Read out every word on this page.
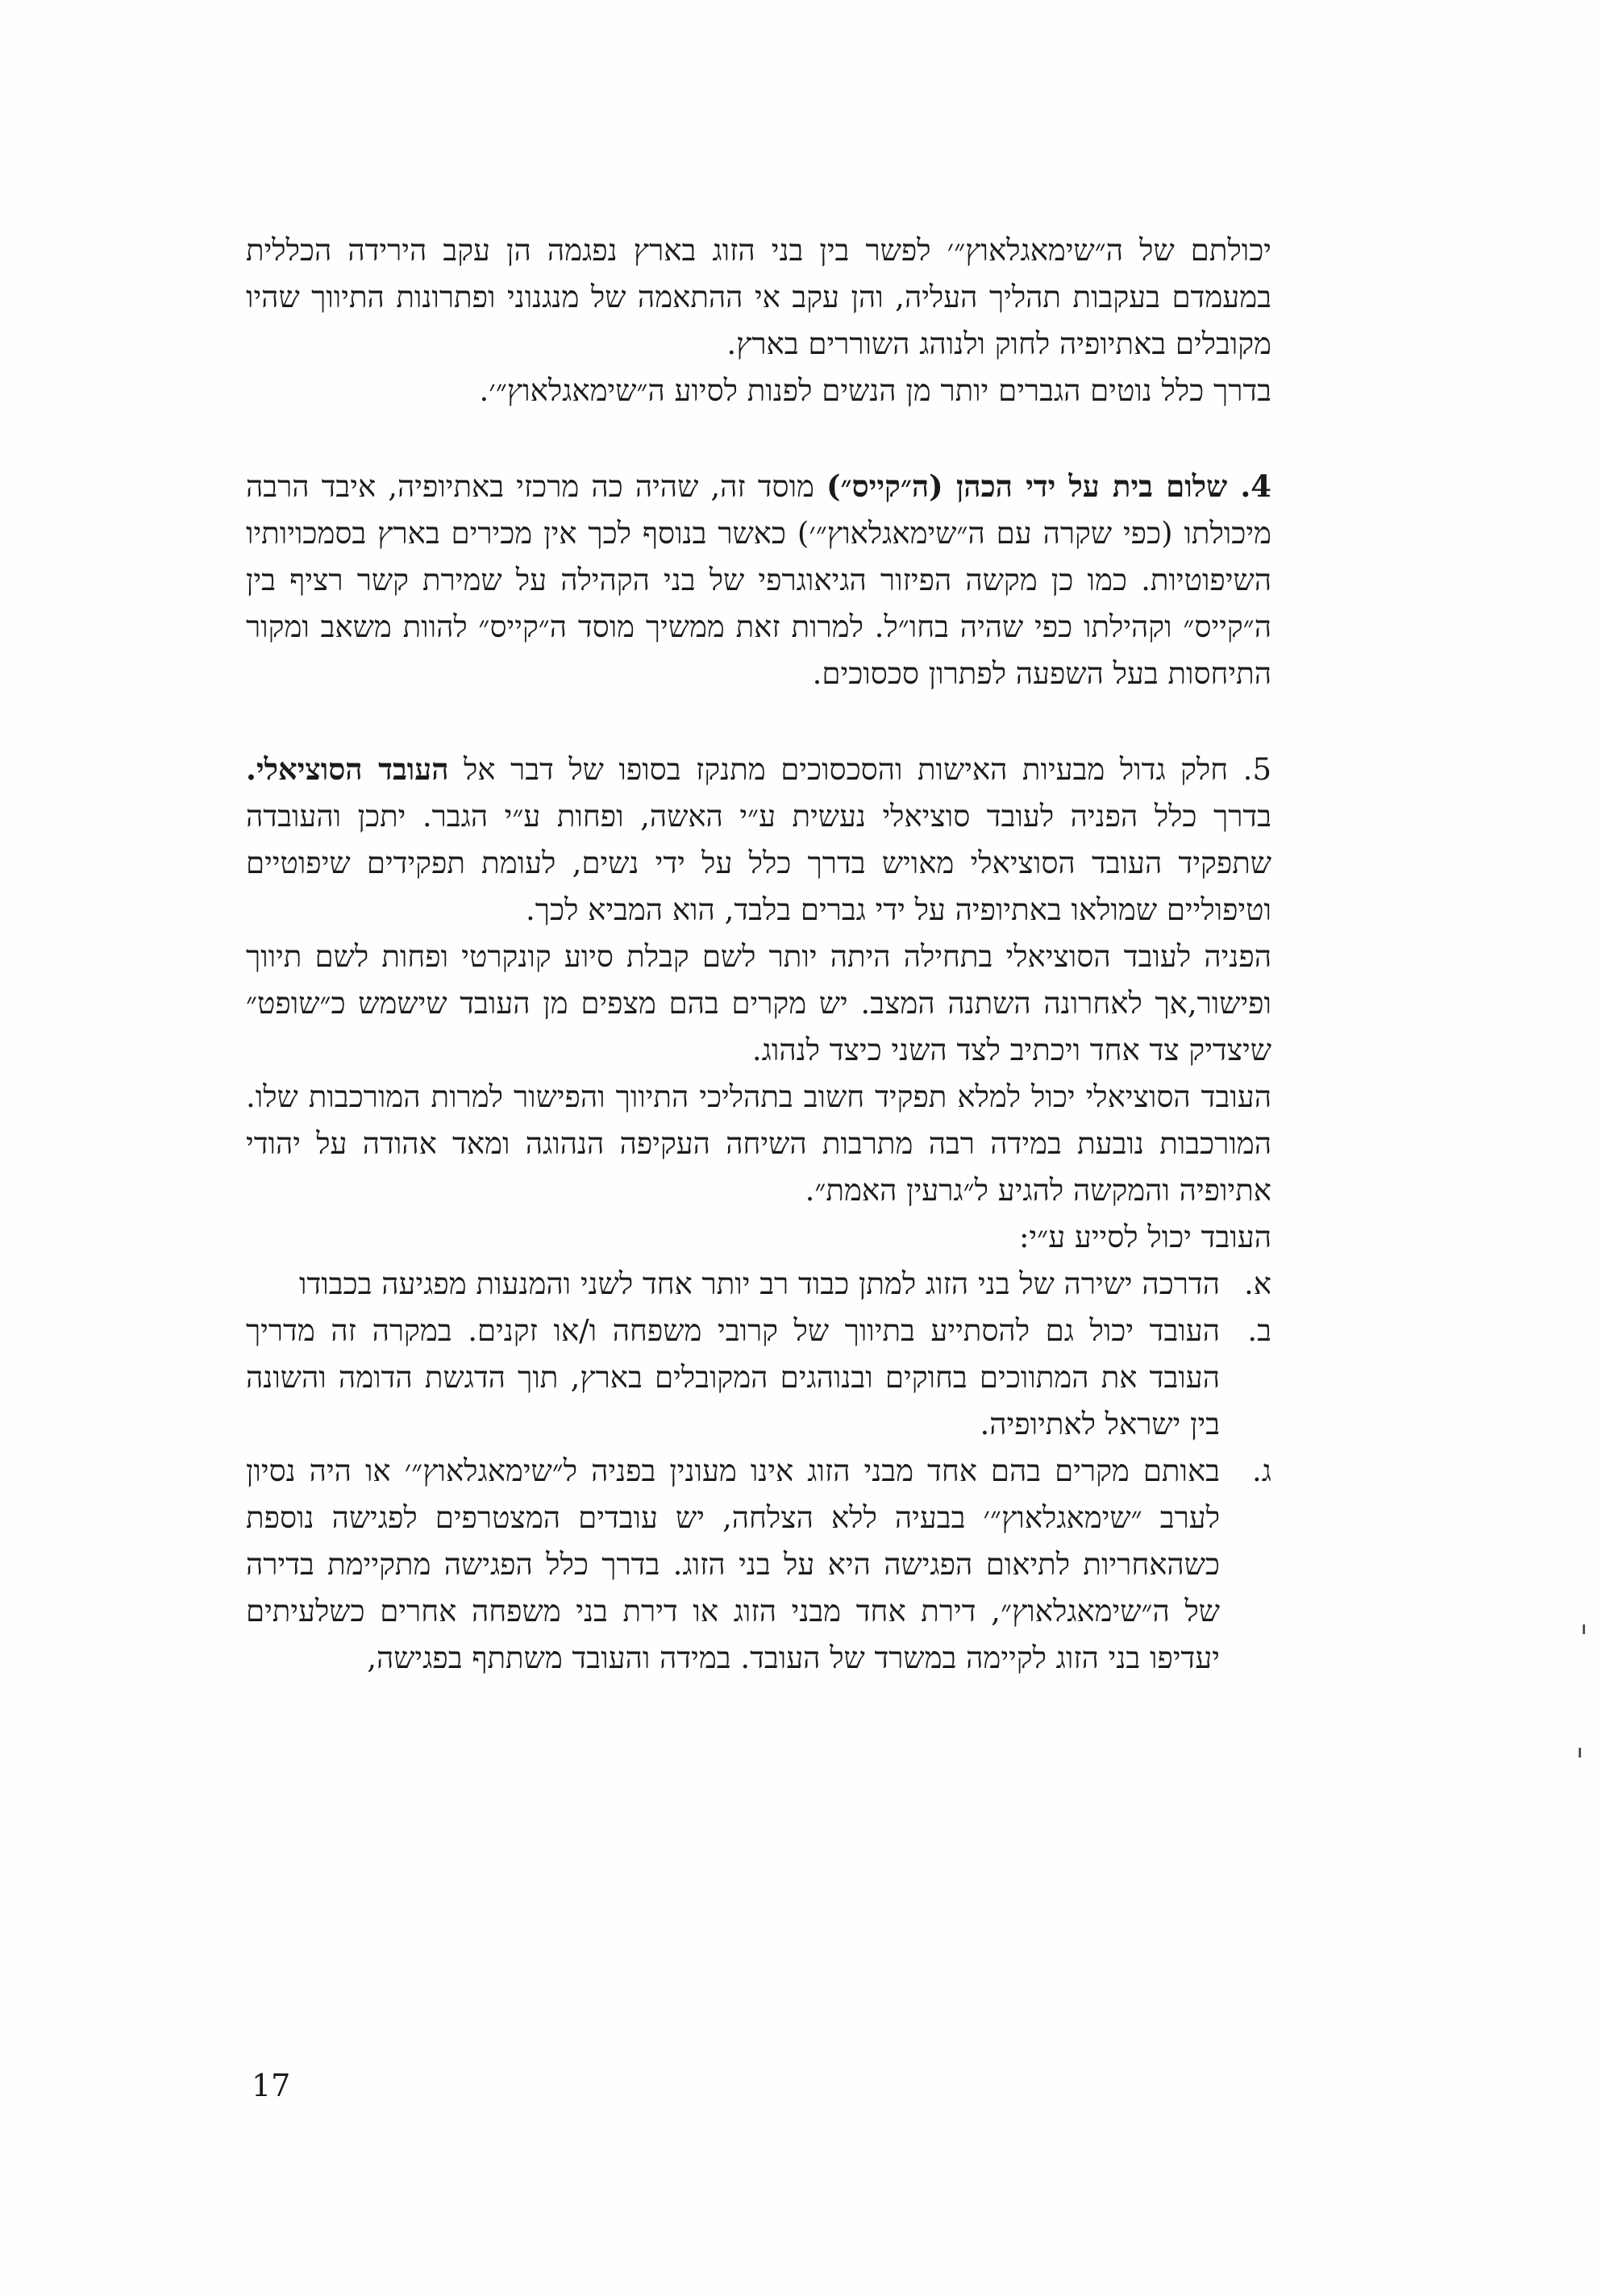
יכולתם של ה״שימאגלאוץ״׳ לפשר בין בני הזוג בארץ נפגמה הן עקב הירידה הכללית במעמדם בעקבות תהליך העליה, והן עקב אי ההתאמה של מנגנוני ופתרונות התיווך שהיו מקובלים באתיופיה לחוק ולנוהג השוררים בארץ.

בדרך כלל נוטים הגברים יותר מן הנשים לפנות לסיוע ה״שימאגלאוץ״׳.

4. שלום בית על ידי הכהן (ה״קייס״) מוסד זה, שהיה כה מרכזי באתיופיה, איבד הרבה מיכולתו (כפי שקרה עם ה״שימאגלאוץ״׳) כאשר בנוסף לכך אין מכירים בארץ בסמכויותיו השיפוטיות. כמו כן מקשה הפיזור הגיאוגרפי של בני הקהילה על שמירת קשר רציף בין ה״קייס״ וקהילתו כפי שהיה בחו״ל. למרות זאת ממשיך מוסד ה״קייס״ להוות משאב ומקור התיחסות בעל השפעה לפתרון סכסוכים.

5. חלק גדול מבעיות האישות והסכסוכים מתנקז בסופו של דבר אל העובד הסוציאלי. בדרך כלל הפניה לעובד סוציאלי נעשית ע״י האשה, ופחות ע״י הגבר. יתכן והעובדה שתפקיד העובד הסוציאלי מאויש בדרך כלל על ידי נשים, לעומת תפקידים שיפוטיים וטיפוליים שמולאו באתיופיה על ידי גברים בלבד, הוא המביא לכך.

הפניה לעובד הסוציאלי בתחילה היתה יותר לשם קבלת סיוע קונקרטי ופחות לשם תיווך ופישור,אך לאחרונה השתנה המצב. יש מקרים בהם מצפים מן העובד שישמש כ״שופט״ שיצדיק צד אחד ויכתיב לצד השני כיצד לנהוג.

העובד הסוציאלי יכול למלא תפקיד חשוב בתהליכי התיווך והפישור למרות המורכבות שלו. המורכבות נובעת במידה רבה מתרבות השיחה העקיפה הנהוגה ומאד אהודה על יהודי אתיופיה והמקשה להגיע ל״גרעין האמת״.

העובד יכול לסייע ע״י:

א.
הדרכה ישירה של בני הזוג למתן כבוד רב יותר אחד לשני והמנעות מפגיעה בכבודו
ב.
העובד יכול גם להסתייע בתיווך של קרובי משפחה ו/או זקנים. במקרה זה מדריך העובד את המתווכים בחוקים ובנוהגים המקובלים בארץ, תוך הדגשת הדומה והשונה בין ישראל לאתיופיה.
ג.
באותם מקרים בהם אחד מבני הזוג אינו מעונין בפניה ל״שימאגלאוץ״׳ או היה נסיון לערב ״שימאגלאוץ״׳ בבעיה ללא הצלחה, יש עובדים המצטרפים לפגישה נוספת כשהאחריות לתיאום הפגישה היא על בני הזוג. בדרך כלל הפגישה מתקיימת בדירה של ה״שימאגלאוץ״, דירת אחד מבני הזוג או דירת בני משפחה אחרים כשלעיתים יעדיפו בני הזוג לקיימה במשרד של העובד. במידה והעובד משתתף בפגישה,
17
